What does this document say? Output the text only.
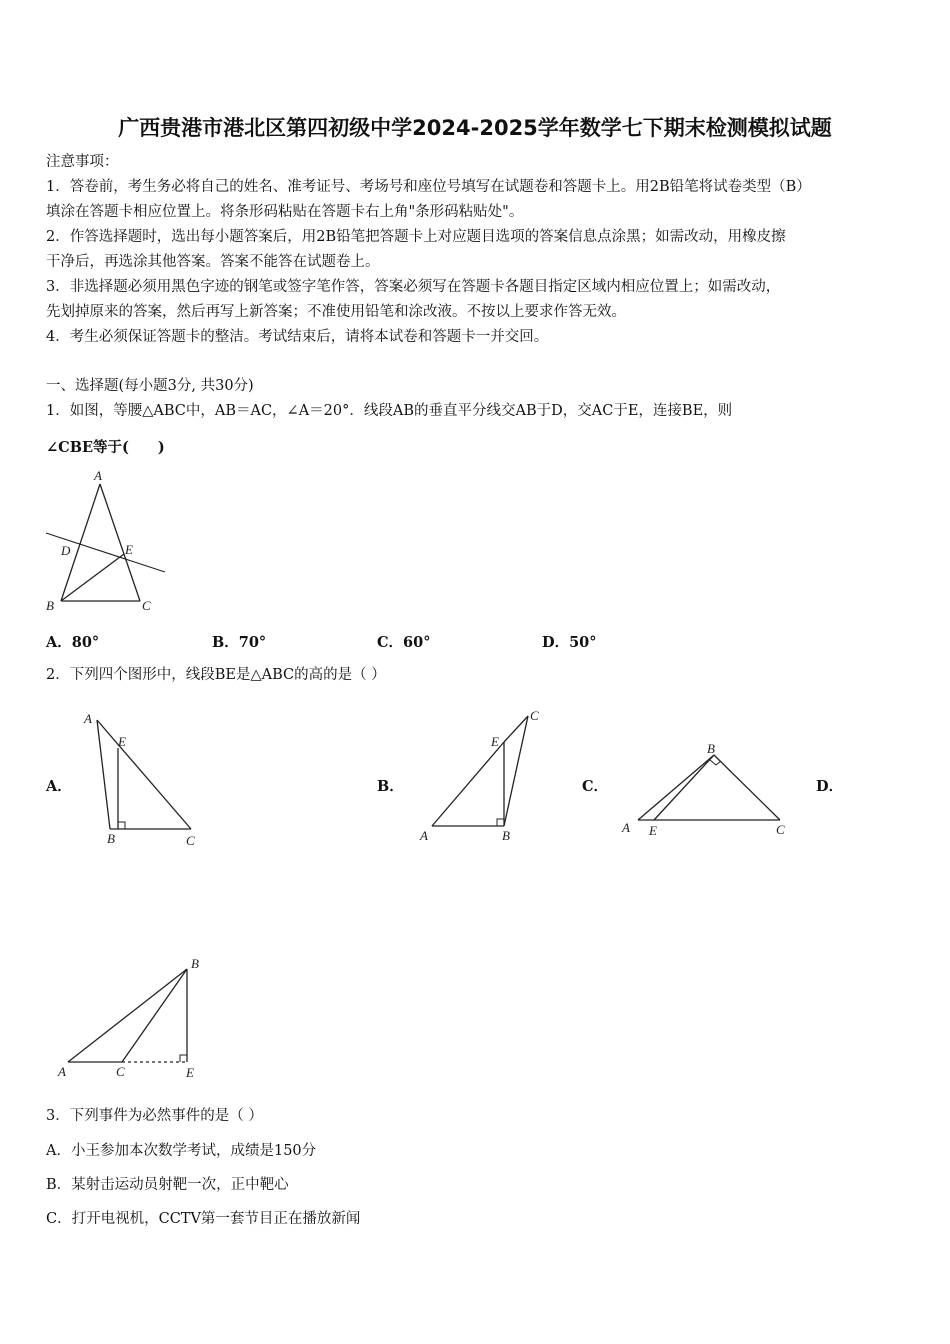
广西贵港市港北区第四初级中学2024-2025学年数学七下期末检测模拟试题
注意事项：
1．答卷前，考生务必将自己的姓名、准考证号、考场号和座位号填写在试题卷和答题卡上。用2B铅笔将试卷类型（B）
填涂在答题卡相应位置上。将条形码粘贴在答题卡右上角"条形码粘贴处"。
2．作答选择题时，选出每小题答案后，用2B铅笔把答题卡上对应题目选项的答案信息点涂黑；如需改动，用橡皮擦
干净后，再选涂其他答案。答案不能答在试题卷上。
3．非选择题必须用黑色字迹的钢笔或签字笔作答，答案必须写在答题卡各题目指定区域内相应位置上；如需改动，
先划掉原来的答案，然后再写上新答案；不准使用铅笔和涂改液。不按以上要求作答无效。
4．考生必须保证答题卡的整洁。考试结束后，请将本试卷和答题卡一并交回。
一、选择题(每小题3分, 共30分)
1．如图，等腰△ABC中，AB＝AC，∠A＝20°．线段AB的垂直平分线交AB于D，交AC于E，连接BE，则
∠CBE等于(　　)
A
D	E
B	C
A．80°	B．70°	C．60°	D．50°
2．下列四个图形中，线段BE是△ABC的高的是（ ）
A．	B．	C．	D．
A
E
B	C
C
E
A	B
B
A E	C
B
A	C	E
3．下列事件为必然事件的是（ ）
A．小王参加本次数学考试，成绩是150分
B．某射击运动员射靶一次，正中靶心
C．打开电视机，CCTV第一套节目正在播放新闻
